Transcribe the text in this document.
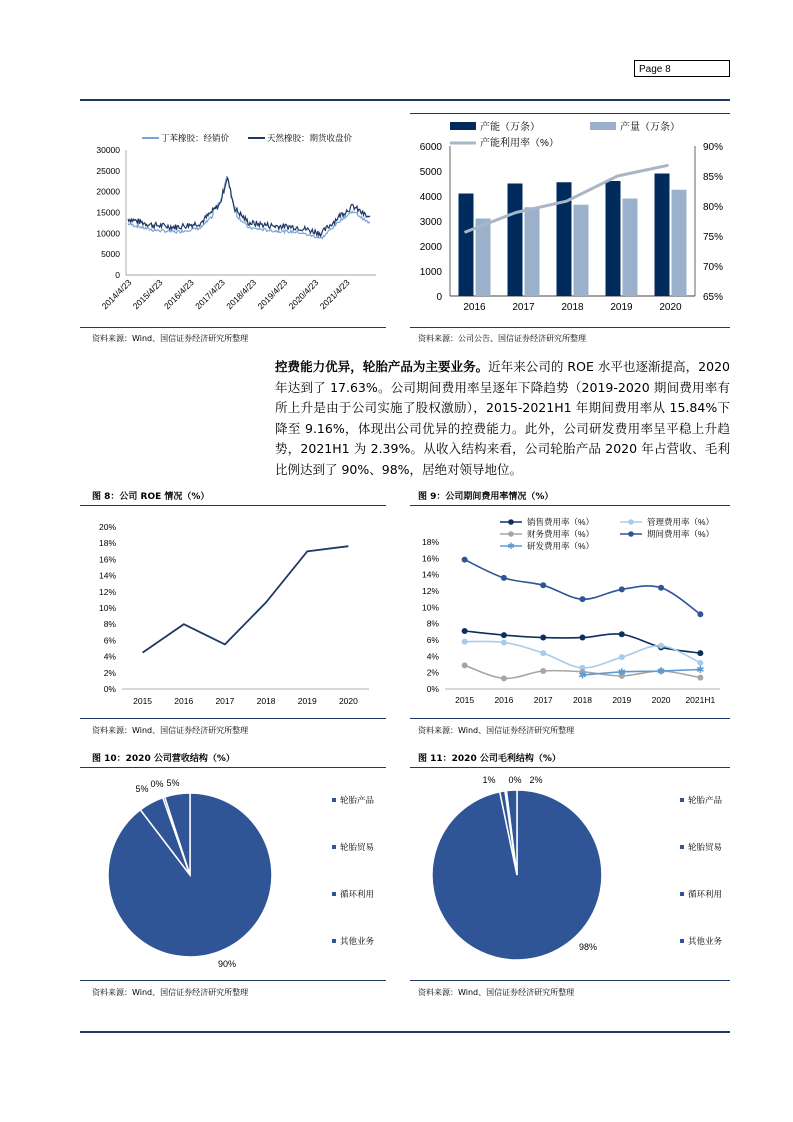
Page 8
30000
25000
20000
15000
10000
5000
0
2014/4/23
2015/4/23
2016/4/23
2017/4/23
2018/4/23
2019/4/23
2020/4/23
2021/4/23
丁苯橡胶：经销价	天然橡胶：期货收盘价
资料来源：Wind、国信证券经济研究所整理
产能（万条）	产量（万条）
产能利用率（%）
6000
5000
4000
3000
2000
1000
0
90%
85%
80%
75%
70%
65%
2016	2017	2018	2019	2020
资料来源：公司公告、国信证券经济研究所整理
控费能力优异，轮胎产品为主要业务。近年来公司的 ROE 水平也逐渐提高，2020 年达到了 17.63%。公司期间费用率呈逐年下降趋势（2019-2020 期间费用率有所上升是由于公司实施了股权激励），2015-2021H1 年期间费用率从 15.84%下降至 9.16%，体现出公司优异的控费能力。此外，公司研发费用率呈平稳上升趋势，2021H1 为 2.39%。从收入结构来看，公司轮胎产品 2020 年占营收、毛利比例达到了 90%、98%，居绝对领导地位。
图 8：公司 ROE 情况（%）
20%
18%
16%
14%
12%
10%
8%
6%
4%
2%
0%
2015	2016	2017	2018	2019	2020
资料来源：Wind、国信证券经济研究所整理
图 9：公司期间费用率情况（%）
销售费用率（%）	管理费用率（%）
财务费用率（%）	期间费用率（%）
✱ 研发费用率（%）
18%
16%
14%
12%
10%
8%
6%
4%
2%
0%
2015 2016 2017 2018 2019 2020 2021H1
✱	✱	✱	✱
资料来源：Wind、国信证券经济研究所整理
图 10：2020 公司营收结构（%）
90%
5% 0% 5%
轮胎产品
轮胎贸易
循环利用
其他业务
资料来源：Wind、国信证券经济研究所整理
图 11：2020 公司毛利结构（%）
98%
1% 0% 2%
轮胎产品
轮胎贸易
循环利用
其他业务
资料来源：Wind、国信证券经济研究所整理
